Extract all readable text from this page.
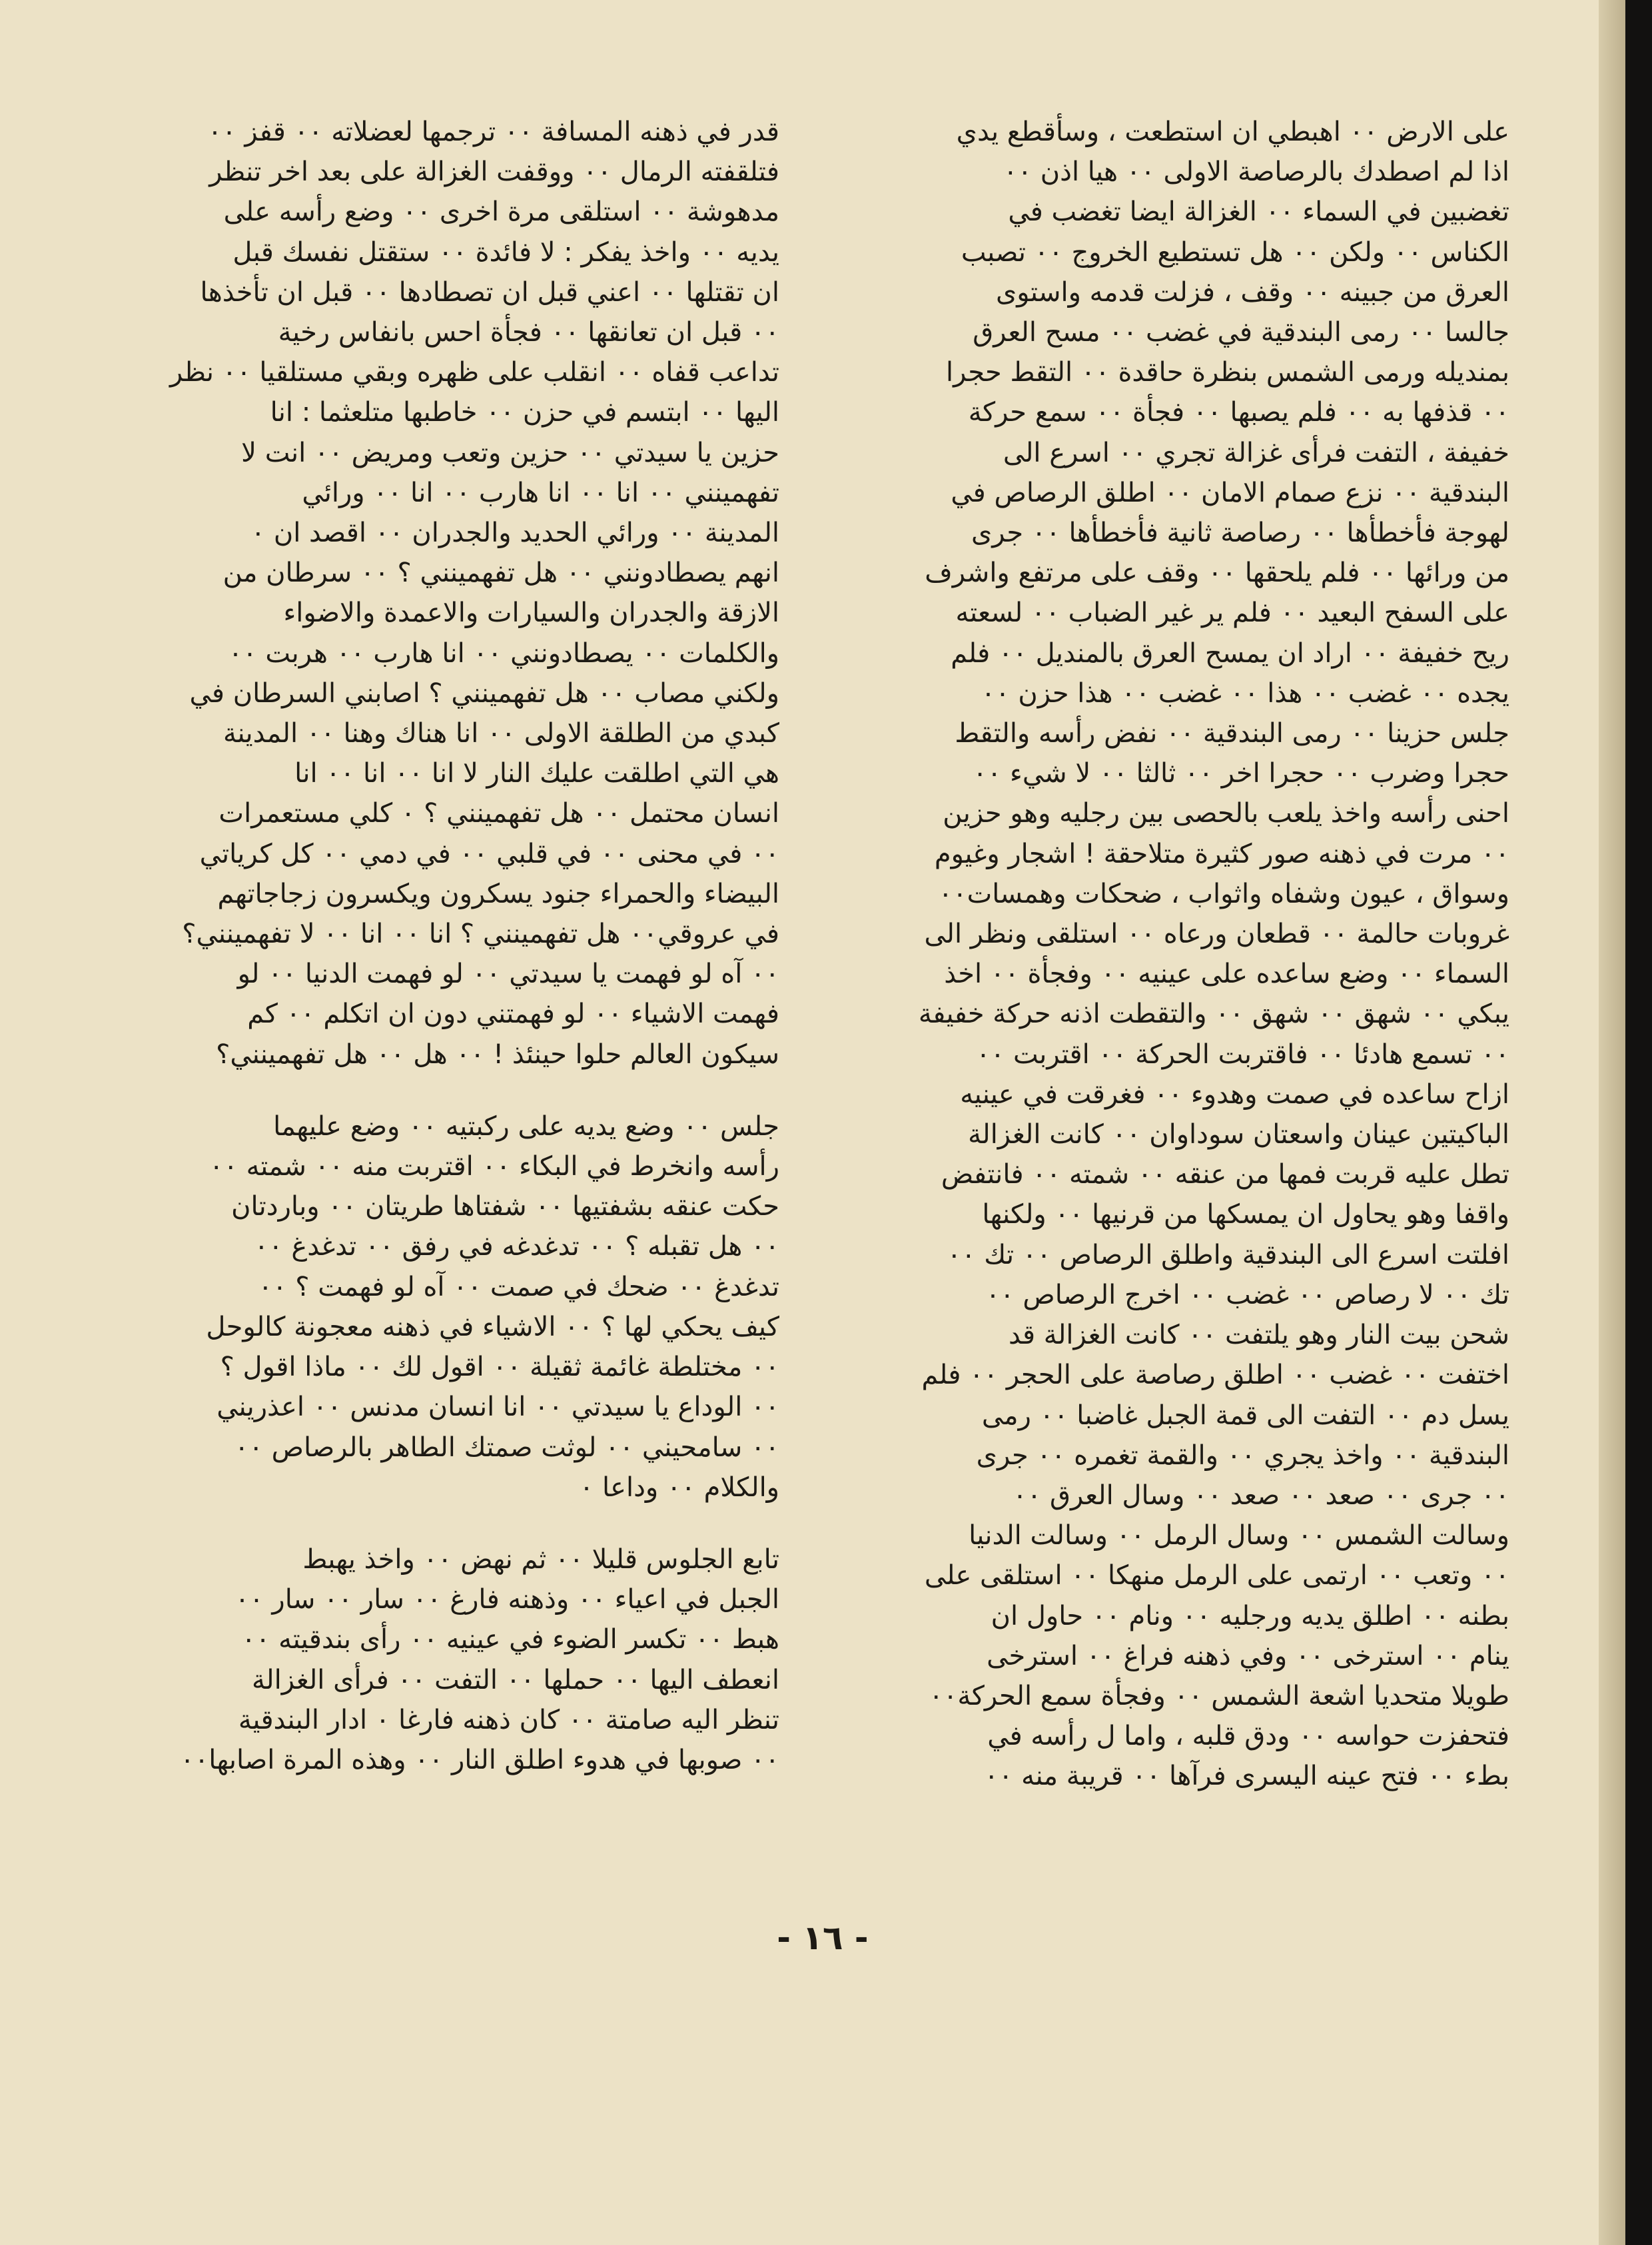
على الارض ٠٠ اهبطي ان استطعت ، وسأقطع يدي
اذا لم اصطدك بالرصاصة الاولى ٠٠ هيا اذن ٠٠
تغضبين في السماء ٠٠ الغزالة ايضا تغضب في
الكناس ٠٠ ولكن ٠٠ هل تستطيع الخروج ٠٠ تصبب
العرق من جبينه ٠٠ وقف ، فزلت قدمه واستوى
جالسا ٠٠ رمى البندقية في غضب ٠٠ مسح العرق
بمنديله ورمى الشمس بنظرة حاقدة ٠٠ التقط حجرا
٠٠ قذفها به ٠٠ فلم يصبها ٠٠ فجأة ٠٠ سمع حركة
خفيفة ، التفت فرأى غزالة تجري ٠٠ اسرع الى
البندقية ٠٠ نزع صمام الامان ٠٠ اطلق الرصاص في
لهوجة فأخطأها ٠٠ رصاصة ثانية فأخطأها ٠٠ جرى
من ورائها ٠٠ فلم يلحقها ٠٠ وقف على مرتفع واشرف
على السفح البعيد ٠٠ فلم ير غير الضباب ٠٠ لسعته
ريح خفيفة ٠٠ اراد ان يمسح العرق بالمنديل ٠٠ فلم
يجده ٠٠ غضب ٠٠ هذا ٠٠ غضب ٠٠ هذا حزن ٠٠
جلس حزينا ٠٠ رمى البندقية ٠٠ نفض رأسه والتقط
حجرا وضرب ٠٠ حجرا اخر ٠٠ ثالثا ٠٠ لا شيء ٠٠
احنى رأسه واخذ يلعب بالحصى بين رجليه وهو حزين
٠٠ مرت في ذهنه صور كثيرة متلاحقة ! اشجار وغيوم
وسواق ، عيون وشفاه واثواب ، ضحكات وهمسات٠٠
غروبات حالمة ٠٠ قطعان ورعاه ٠٠ استلقى ونظر الى
السماء ٠٠ وضع ساعده على عينيه ٠٠ وفجأة ٠٠ اخذ
يبكي ٠٠ شهق ٠٠ شهق ٠٠ والتقطت اذنه حركة خفيفة
٠٠ تسمع هادئا ٠٠ فاقتربت الحركة ٠٠ اقتربت ٠٠
ازاح ساعده في صمت وهدوء ٠٠ فغرقت في عينيه
الباكيتين عينان واسعتان سوداوان ٠٠ كانت الغزالة
تطل عليه قربت فمها من عنقه ٠٠ شمته ٠٠ فانتفض
واقفا وهو يحاول ان يمسكها من قرنيها ٠٠ ولكنها
افلتت اسرع الى البندقية واطلق الرصاص ٠٠ تك ٠٠
تك ٠٠ لا رصاص ٠٠ غضب ٠٠ اخرج الرصاص ٠٠
شحن بيت النار وهو يلتفت ٠٠ كانت الغزالة قد
اختفت ٠٠ غضب ٠٠ اطلق رصاصة على الحجر ٠٠ فلم
يسل دم ٠٠ التفت الى قمة الجبل غاضبا ٠٠ رمى
البندقية ٠٠ واخذ يجري ٠٠ والقمة تغمره ٠٠ جرى
٠٠ جرى ٠٠ صعد ٠٠ صعد ٠٠ وسال العرق ٠٠
وسالت الشمس ٠٠ وسال الرمل ٠٠ وسالت الدنيا
٠٠ وتعب ٠٠ ارتمى على الرمل منهكا ٠٠ استلقى على
بطنه ٠٠ اطلق يديه ورجليه ٠٠ ونام ٠٠ حاول ان
ينام ٠٠ استرخى ٠٠ وفي ذهنه فراغ ٠٠ استرخى
طويلا متحديا اشعة الشمس ٠٠ وفجأة سمع الحركة٠٠
فتحفزت حواسه ٠٠ ودق قلبه ، واما ل رأسه في
بطء ٠٠ فتح عينه اليسرى فرآها ٠٠ قريبة منه ٠٠

قدر في ذهنه المسافة ٠٠ ترجمها لعضلاته ٠٠ قفز ٠٠
فتلقفته الرمال ٠٠ ووقفت الغزالة على بعد اخر تنظر
مدهوشة ٠٠ استلقى مرة اخرى ٠٠ وضع رأسه على
يديه ٠٠ واخذ يفكر : لا فائدة ٠٠ ستقتل نفسك قبل
ان تقتلها ٠٠ اعني قبل ان تصطادها ٠٠ قبل ان تأخذها
٠٠ قبل ان تعانقها ٠٠ فجأة احس بانفاس رخية
تداعب قفاه ٠٠ انقلب على ظهره وبقي مستلقيا ٠٠ نظر
اليها ٠٠ ابتسم في حزن ٠٠ خاطبها متلعثما : انا
حزين يا سيدتي ٠٠ حزين وتعب ومريض ٠٠ انت لا
تفهمينني ٠٠ انا ٠٠ انا هارب ٠٠ انا ٠٠ ورائي
المدينة ٠٠ ورائي الحديد والجدران ٠٠ اقصد ان ٠
انهم يصطادونني ٠٠ هل تفهمينني ؟ ٠٠ سرطان من
الازقة والجدران والسيارات والاعمدة والاضواء
والكلمات ٠٠ يصطادونني ٠٠ انا هارب ٠٠ هربت ٠٠
ولكني مصاب ٠٠ هل تفهمينني ؟ اصابني السرطان في
كبدي من الطلقة الاولى ٠٠ انا هناك وهنا ٠٠ المدينة
هي التي اطلقت عليك النار لا انا ٠٠ انا ٠٠ انا
انسان محتمل ٠٠ هل تفهمينني ؟ ٠ كلي مستعمرات
٠٠ في محنى ٠٠ في قلبي ٠٠ في دمي ٠٠ كل كرياتي
البيضاء والحمراء جنود يسكرون ويكسرون زجاجاتهم
في عروقي٠٠ هل تفهمينني ؟ انا ٠٠ انا ٠٠ لا تفهمينني؟
٠٠ آه لو فهمت يا سيدتي ٠٠ لو فهمت الدنيا ٠٠ لو
فهمت الاشياء ٠٠ لو فهمتني دون ان اتكلم ٠٠ كم
سيكون العالم حلوا حينئذ ! ٠٠ هل ٠٠ هل تفهمينني؟

جلس ٠٠ وضع يديه على ركبتيه ٠٠ وضع عليهما
رأسه وانخرط في البكاء ٠٠ اقتربت منه ٠٠ شمته ٠٠
حكت عنقه بشفتيها ٠٠ شفتاها طريتان ٠٠ وباردتان
٠٠ هل تقبله ؟ ٠٠ تدغدغه في رفق ٠٠ تدغدغ ٠٠
تدغدغ ٠٠ ضحك في صمت ٠٠ آه لو فهمت ؟ ٠٠
كيف يحكي لها ؟ ٠٠ الاشياء في ذهنه معجونة كالوحل
٠٠ مختلطة غائمة ثقيلة ٠٠ اقول لك ٠٠ ماذا اقول ؟
٠٠ الوداع يا سيدتي ٠٠ انا انسان مدنس ٠٠ اعذريني
٠٠ سامحيني ٠٠ لوثت صمتك الطاهر بالرصاص ٠٠
والكلام ٠٠ وداعا ٠

تابع الجلوس قليلا ٠٠ ثم نهض ٠٠ واخذ يهبط
الجبل في اعياء ٠٠ وذهنه فارغ ٠٠ سار ٠٠ سار ٠٠
هبط ٠٠ تكسر الضوء في عينيه ٠٠ رأى بندقيته ٠٠
انعطف اليها ٠٠ حملها ٠٠ التفت ٠٠ فرأى الغزالة
تنظر اليه صامتة ٠٠ كان ذهنه فارغا ٠ ادار البندقية
٠٠ صوبها في هدوء اطلق النار ٠٠ وهذه المرة اصابها٠٠

- ١٦ -
